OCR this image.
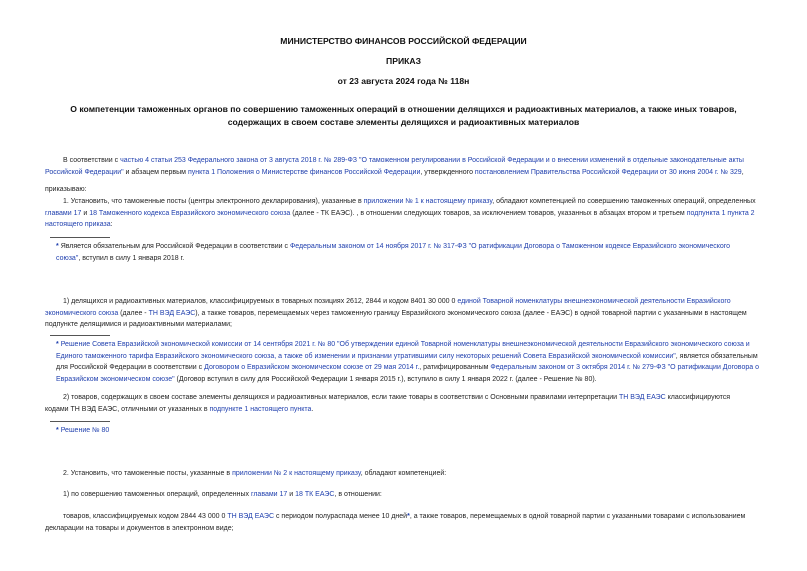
МИНИСТЕРСТВО ФИНАНСОВ РОССИЙСКОЙ ФЕДЕРАЦИИ
ПРИКАЗ
от 23 августа 2024 года № 118н
О компетенции таможенных органов по совершению таможенных операций в отношении делящихся и радиоактивных материалов, а также иных товаров,
содержащих в своем составе элементы делящихся и радиоактивных материалов
В соответствии с частью 4 статьи 253 Федерального закона от 3 августа 2018 г. № 289-ФЗ "О таможенном регулировании в Российской Федерации и о внесении изменений в отдельные законодательные акты
Российской Федерации" и абзацем первым пункта 1 Положения о Министерстве финансов Российской Федерации, утвержденного постановлением Правительства Российской Федерации от 30 июня 2004 г. № 329,
приказываю:
1. Установить, что таможенные посты (центры электронного декларирования), указанные в приложении № 1 к настоящему приказу, обладают компетенцией по совершению таможенных операций, определенных
главами 17 и 18 Таможенного кодекса Евразийского экономического союза (далее - ТК ЕАЭС). , в отношении следующих товаров, за исключением товаров, указанных в абзацах втором и третьем подпункта 1 пункта 2
настоящего приказа:
* Является обязательным для Российской Федерации в соответствии с Федеральным законом от 14 ноября 2017 г. № 317-ФЗ "О ратификации Договора о Таможенном кодексе Евразийского экономического
союза", вступил в силу 1 января 2018 г.
1) делящихся и радиоактивных материалов, классифицируемых в товарных позициях 2612, 2844 и кодом 8401 30 000 0 единой Товарной номенклатуры внешнеэкономической деятельности Евразийского
экономического союза (далее - ТН ВЭД ЕАЭС), а также товаров, перемещаемых через таможенную границу Евразийского экономического союза (далее - ЕАЭС) в одной товарной партии с указанными в настоящем
подпункте делящимися и радиоактивными материалами;
* Решение Совета Евразийской экономической комиссии от 14 сентября 2021 г. № 80 "Об утверждении единой Товарной номенклатуры внешнеэкономической деятельности Евразийского экономического союза и
Единого таможенного тарифа Евразийского экономического союза, а также об изменении и признании утратившими силу некоторых решений Совета Евразийской экономической комиссии", является обязательным
для Российской Федерации в соответствии с Договором о Евразийском экономическом союзе от 29 мая 2014 г., ратифицированным Федеральным законом от 3 октября 2014 г. № 279-ФЗ "О ратификации Договора о
Евразийском экономическом союзе" (Договор вступил в силу для Российской Федерации 1 января 2015 г.), вступило в силу 1 января 2022 г. (далее - Решение № 80).
2) товаров, содержащих в своем составе элементы делящихся и радиоактивных материалов, если такие товары в соответствии с Основными правилами интерпретации ТН ВЭД ЕАЭС классифицируются
кодами ТН ВЭД ЕАЭС, отличными от указанных в подпункте 1 настоящего пункта.
* Решение № 80
2. Установить, что таможенные посты, указанные в приложении № 2 к настоящему приказу, обладают компетенцией:
1) по совершению таможенных операций, определенных главами 17 и 18 ТК ЕАЭС, в отношении:
товаров, классифицируемых кодом 2844 43 000 0 ТН ВЭД ЕАЭС с периодом полураспада менее 10 дней*, а также товаров, перемещаемых в одной товарной партии с указанными товарами с использованием
декларации на товары и документов в электронном виде;
